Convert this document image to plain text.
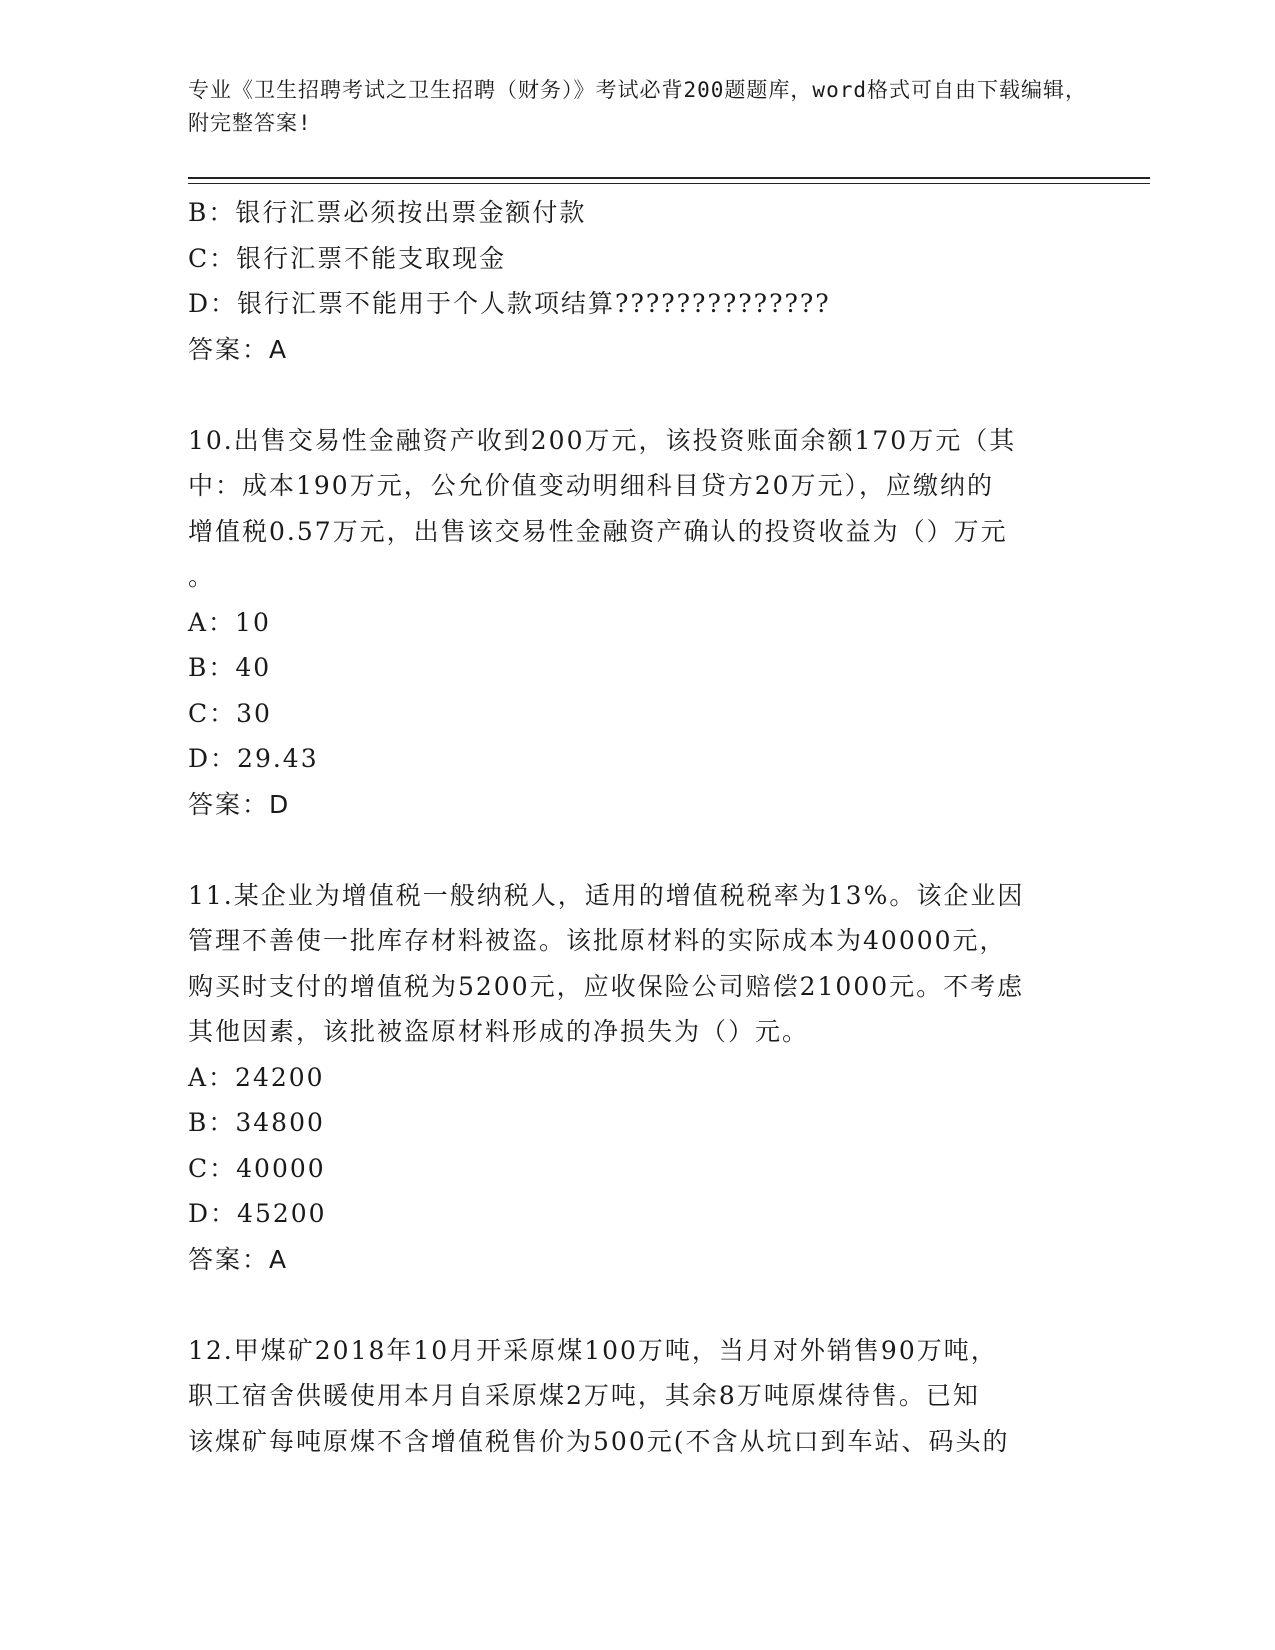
专业《卫生招聘考试之卫生招聘（财务）》考试必背200题题库，word格式可自由下载编辑，附完整答案!
B：银行汇票必须按出票金额付款
C：银行汇票不能支取现金
D：银行汇票不能用于个人款项结算??????????????
答案：A
10.出售交易性金融资产收到200万元，该投资账面余额170万元（其
中：成本190万元，公允价值变动明细科目贷方20万元），应缴纳的
增值税0.57万元，出售该交易性金融资产确认的投资收益为（）万元
。
A：10
B：40
C：30
D：29.43
答案：D
11.某企业为增值税一般纳税人，适用的增值税税率为13%。该企业因
管理不善使一批库存材料被盗。该批原材料的实际成本为40000元，
购买时支付的增值税为5200元，应收保险公司赔偿21000元。不考虑
其他因素，该批被盗原材料形成的净损失为（）元。
A：24200
B：34800
C：40000
D：45200
答案：A
12.甲煤矿2018年10月开采原煤100万吨，当月对外销售90万吨，
职工宿舍供暖使用本月自采原煤2万吨，其余8万吨原煤待售。已知
该煤矿每吨原煤不含增值税售价为500元(不含从坑口到车站、码头的
